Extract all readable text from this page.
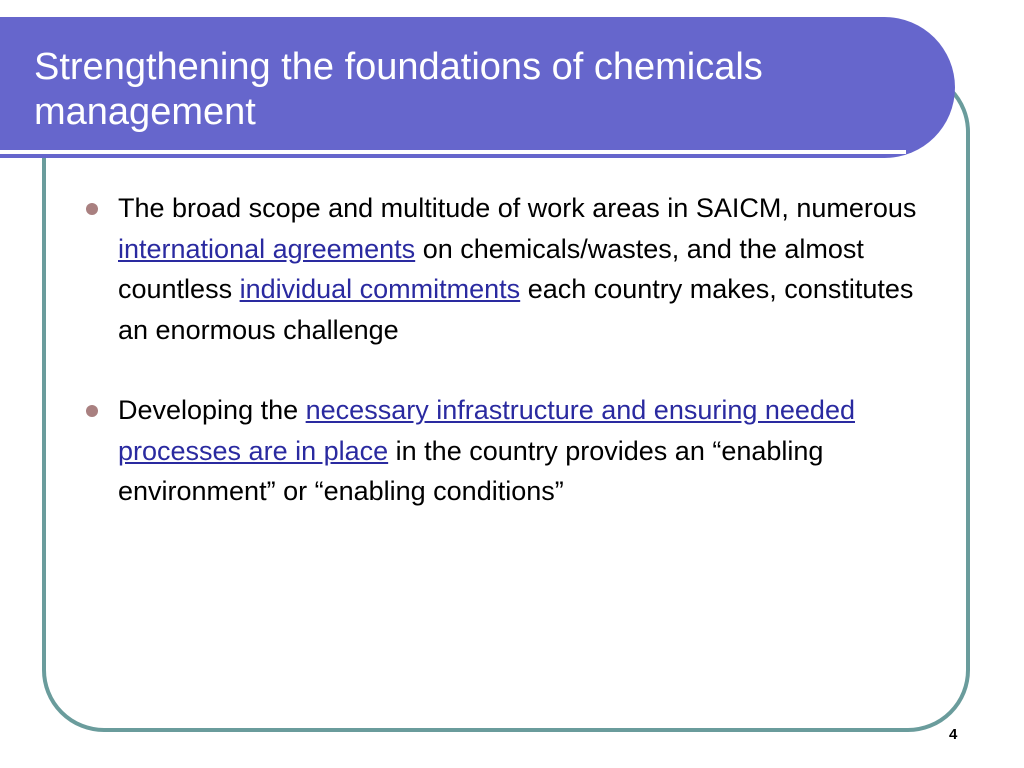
Strengthening the foundations of chemicals management
The broad scope and multitude of work areas in SAICM, numerous international agreements on chemicals/wastes, and the almost countless individual commitments each country makes, constitutes an enormous challenge
Developing the necessary infrastructure and ensuring needed processes are in place in the country provides an “enabling environment” or “enabling conditions”
4
